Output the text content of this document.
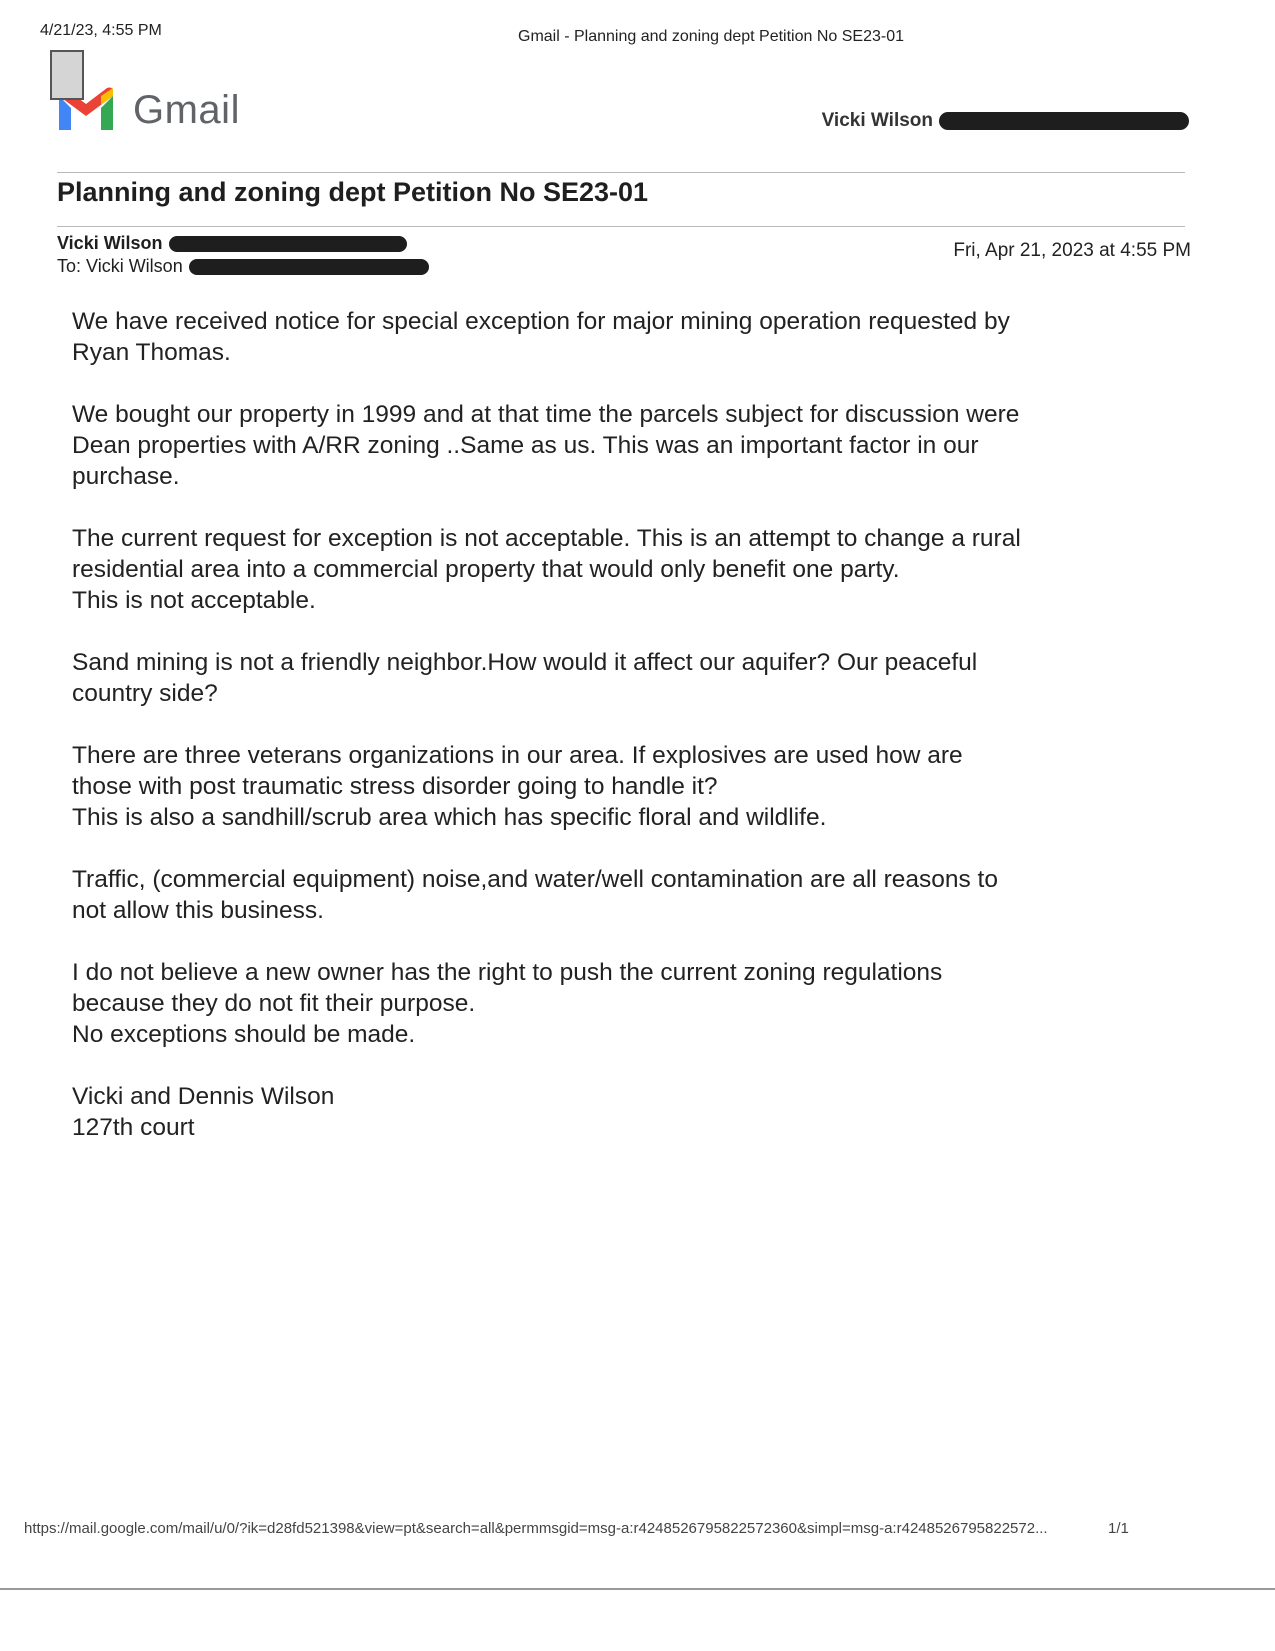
4/21/23, 4:55 PM	Gmail - Planning and zoning dept Petition No SE23-01
Gmail	Vicki Wilson
Planning and zoning dept Petition No SE23-01
Vicki Wilson
To: Vicki Wilson
Fri, Apr 21, 2023 at 4:55 PM

We have received notice for special exception for major mining operation requested by
Ryan Thomas.

We bought our property in 1999 and at that time the parcels subject for discussion were
Dean properties with A/RR zoning ..Same as us. This was an important factor in our
purchase.

The current request for exception is not acceptable. This is an attempt to change a rural
residential area into a commercial property that would only benefit one party.
This is not acceptable.

Sand mining is not a friendly neighbor.How would it affect our aquifer? Our peaceful
country side?

There are three veterans organizations in our area. If explosives are used how are
those with post traumatic stress disorder going to handle it?
This is also a sandhill/scrub area which has specific floral and wildlife.

Traffic, (commercial equipment) noise,and water/well contamination are all reasons to
not allow this business.

I do not believe a new owner has the right to push the current zoning regulations
because they do not fit their purpose.
No exceptions should be made.

Vicki and Dennis Wilson
127th court

https://mail.google.com/mail/u/0/?ik=d28fd521398&view=pt&search=all&permmsgid=msg-a:r4248526795822572360&simpl=msg-a:r4248526795822572...	1/1
